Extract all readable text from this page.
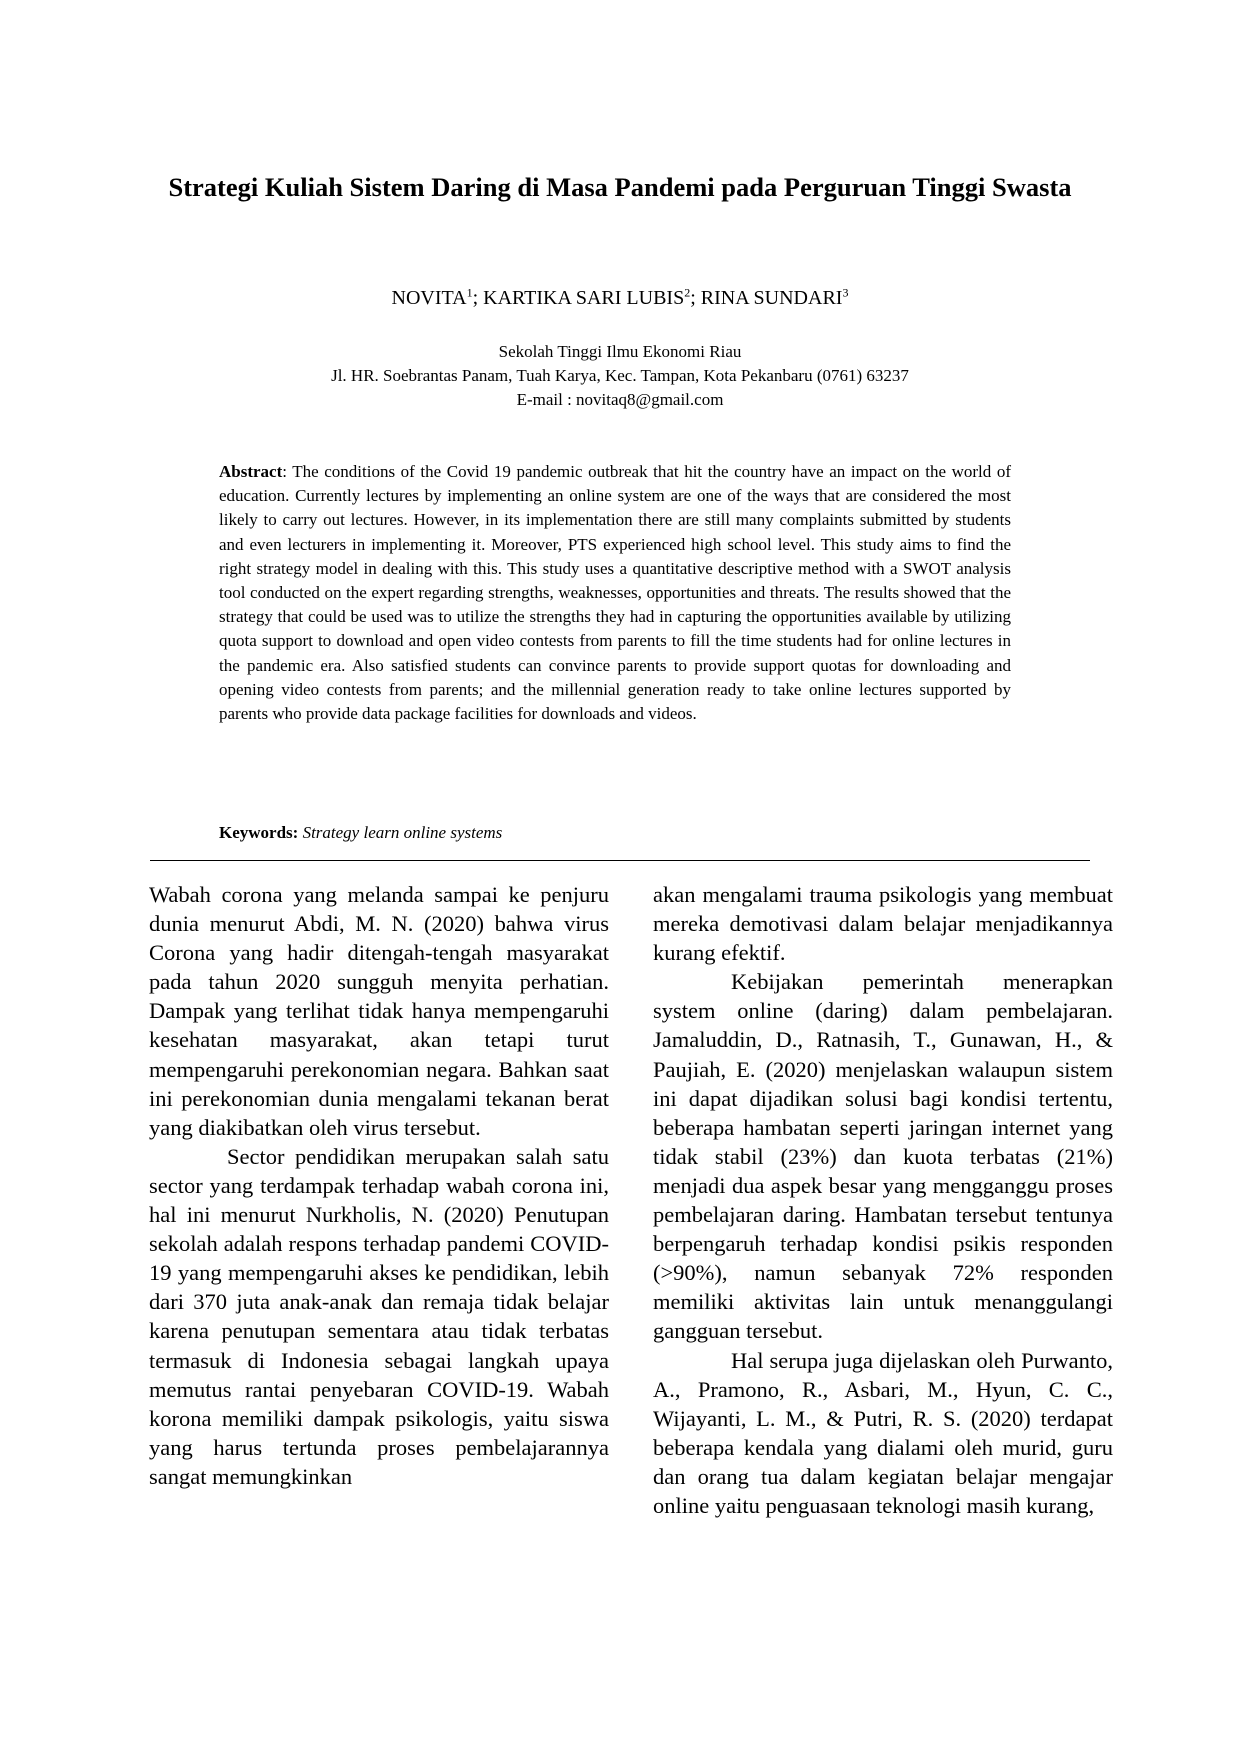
Strategi Kuliah Sistem Daring di Masa Pandemi pada Perguruan Tinggi Swasta
NOVITA$^1$; KARTIKA SARI LUBIS$^2$; RINA SUNDARI$^3$
Sekolah Tinggi Ilmu Ekonomi Riau
Jl. HR. Soebrantas Panam, Tuah Karya, Kec. Tampan, Kota Pekanbaru (0761) 63237
E-mail : novitaq8@gmail.com
Abstract: The conditions of the Covid 19 pandemic outbreak that hit the country have an impact on the world of education. Currently lectures by implementing an online system are one of the ways that are considered the most likely to carry out lectures. However, in its implementation there are still many complaints submitted by students and even lecturers in implementing it. Moreover, PTS experienced high school level. This study aims to find the right strategy model in dealing with this. This study uses a quantitative descriptive method with a SWOT analysis tool conducted on the expert regarding strengths, weaknesses, opportunities and threats. The results showed that the strategy that could be used was to utilize the strengths they had in capturing the opportunities available by utilizing quota support to download and open video contests from parents to fill the time students had for online lectures in the pandemic era. Also satisfied students can convince parents to provide support quotas for downloading and opening video contests from parents; and the millennial generation ready to take online lectures supported by parents who provide data package facilities for downloads and videos.
Keywords: Strategy learn online systems

Wabah corona yang melanda sampai ke penjuru dunia menurut Abdi, M. N. (2020) bahwa virus Corona yang hadir ditengah-tengah masyarakat pada tahun 2020 sungguh menyita perhatian. Dampak yang terlihat tidak hanya mempengaruhi kesehatan masyarakat, akan tetapi turut mempengaruhi perekonomian negara. Bahkan saat ini perekonomian dunia mengalami tekanan berat yang diakibatkan oleh virus tersebut.

Sector pendidikan merupakan salah satu sector yang terdampak terhadap wabah corona ini, hal ini menurut Nurkholis, N. (2020) Penutupan sekolah adalah respons terhadap pandemi COVID-19 yang mempengaruhi akses ke pendidikan, lebih dari 370 juta anak-anak dan remaja tidak belajar karena penutupan sementara atau tidak terbatas termasuk di Indonesia sebagai langkah upaya memutus rantai penyebaran COVID-19. Wabah korona memiliki dampak psikologis, yaitu siswa yang harus tertunda proses pembelajarannya sangat memungkinkan

akan mengalami trauma psikologis yang membuat mereka demotivasi dalam belajar menjadikannya kurang efektif.

Kebijakan pemerintah menerapkan system online (daring) dalam pembelajaran. Jamaluddin, D., Ratnasih, T., Gunawan, H., & Paujiah, E. (2020) menjelaskan walaupun sistem ini dapat dijadikan solusi bagi kondisi tertentu, beberapa hambatan seperti jaringan internet yang tidak stabil (23%) dan kuota terbatas (21%) menjadi dua aspek besar yang mengganggu proses pembelajaran daring. Hambatan tersebut tentunya berpengaruh terhadap kondisi psikis responden (>90%), namun sebanyak 72% responden memiliki aktivitas lain untuk menanggulangi gangguan tersebut.

Hal serupa juga dijelaskan oleh Purwanto, A., Pramono, R., Asbari, M., Hyun, C. C., Wijayanti, L. M., & Putri, R. S. (2020) terdapat beberapa kendala yang dialami oleh murid, guru dan orang tua dalam kegiatan belajar mengajar online yaitu penguasaan teknologi masih kurang,
